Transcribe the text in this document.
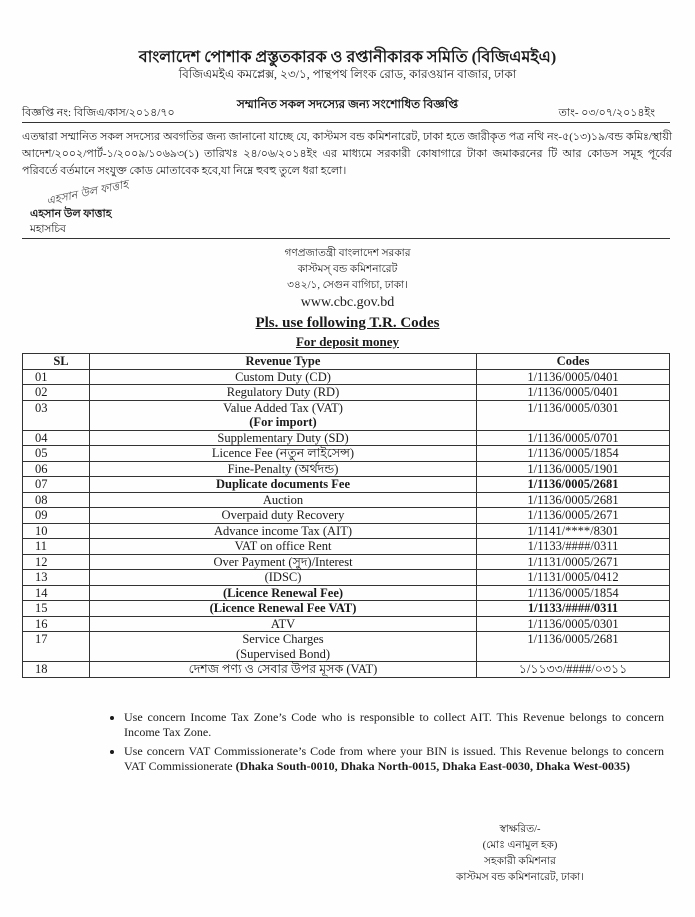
বাংলাদেশ পোশাক প্রস্তুতকারক ও রপ্তানীকারক সমিতি (বিজিএমইএ)
বিজিএমইএ কমপ্লেক্স, ২৩/১, পান্থপথ লিংক রোড, কারওয়ান বাজার, ঢাকা
সম্মানিত সকল সদস্যের জন্য সংশোধিত বিজ্ঞপ্তি
বিজ্ঞপ্তি নং: বিজিএ/কাস/২০১৪/৭০	তাং- ০৩/০৭/২০১৪ইং
এতদ্বারা সম্মানিত সকল সদস্যের অবগতির জন্য জানানো যাচ্ছে যে, কাস্টমস বন্ড কমিশনারেট, ঢাকা হতে জারীকৃত পত্র নথি নং-৫(১৩)১৯/বন্ড কমিঃ/স্থায়ী আদেশ/২০০২/পার্ট-১/২০০৯/১০৬৯৩(১) তারিখঃ ২৪/০৬/২০১৪ইং এর মাধ্যমে সরকারী কোষাগারে টাকা জমাকরনের টি আর কোডস সমূহ পূর্বের পরিবর্তে বর্তমানে সংযুক্ত কোড মোতাবেক হবে,যা নিম্নে হুবহু তুলে ধরা হলো।
এহসান উল ফাত্তাহ
এহসান উল ফাত্তাহ
মহাসচিব
গণপ্রজাতন্ত্রী বাংলাদেশ সরকার
কাস্টমস্ বন্ড কমিশনারেট
৩৪২/১, সেগুন বাগিচা, ঢাকা।
www.cbc.gov.bd
Pls. use following T.R. Codes
For deposit money
SL	Revenue Type	Codes
01	Custom Duty (CD)	1/1136/0005/0401
02	Regulatory Duty (RD)	1/1136/0005/0401
03	Value Added Tax (VAT)
(For import)	1/1136/0005/0301
04	Supplementary Duty (SD)	1/1136/0005/0701
05	Licence Fee (নতুন লাইসেন্স)	1/1136/0005/1854
06	Fine-Penalty (অর্থদন্ড)	1/1136/0005/1901
07	Duplicate documents Fee	1/1136/0005/2681
08	Auction	1/1136/0005/2681
09	Overpaid duty Recovery	1/1136/0005/2671
10	Advance income Tax (AIT)	1/1141/****/8301
11	VAT on office Rent	1/1133/####/0311
12	Over Payment (সুদ)/Interest	1/1131/0005/2671
13	(IDSC)	1/1131/0005/0412
14	(Licence Renewal Fee)	1/1136/0005/1854
15	(Licence Renewal Fee VAT)	1/1133/####/0311
16	ATV	1/1136/0005/0301
17	Service Charges
(Supervised Bond)	1/1136/0005/2681
18	দেশজ পণ্য ও সেবার উপর মূসক (VAT)	১/১১৩৩/####/০৩১১
• Use concern Income Tax Zone’s Code who is responsible to collect AIT. This Revenue belongs to concern Income Tax Zone.
• Use concern VAT Commissionerate’s Code from where your BIN is issued. This Revenue belongs to concern VAT Commissionerate (Dhaka South-0010, Dhaka North-0015, Dhaka East-0030, Dhaka West-0035)
স্বাক্ষরিত/-
(মোঃ এনামুল হক)
সহকারী কমিশনার
কাস্টমস বন্ড কমিশনারেট, ঢাকা।
